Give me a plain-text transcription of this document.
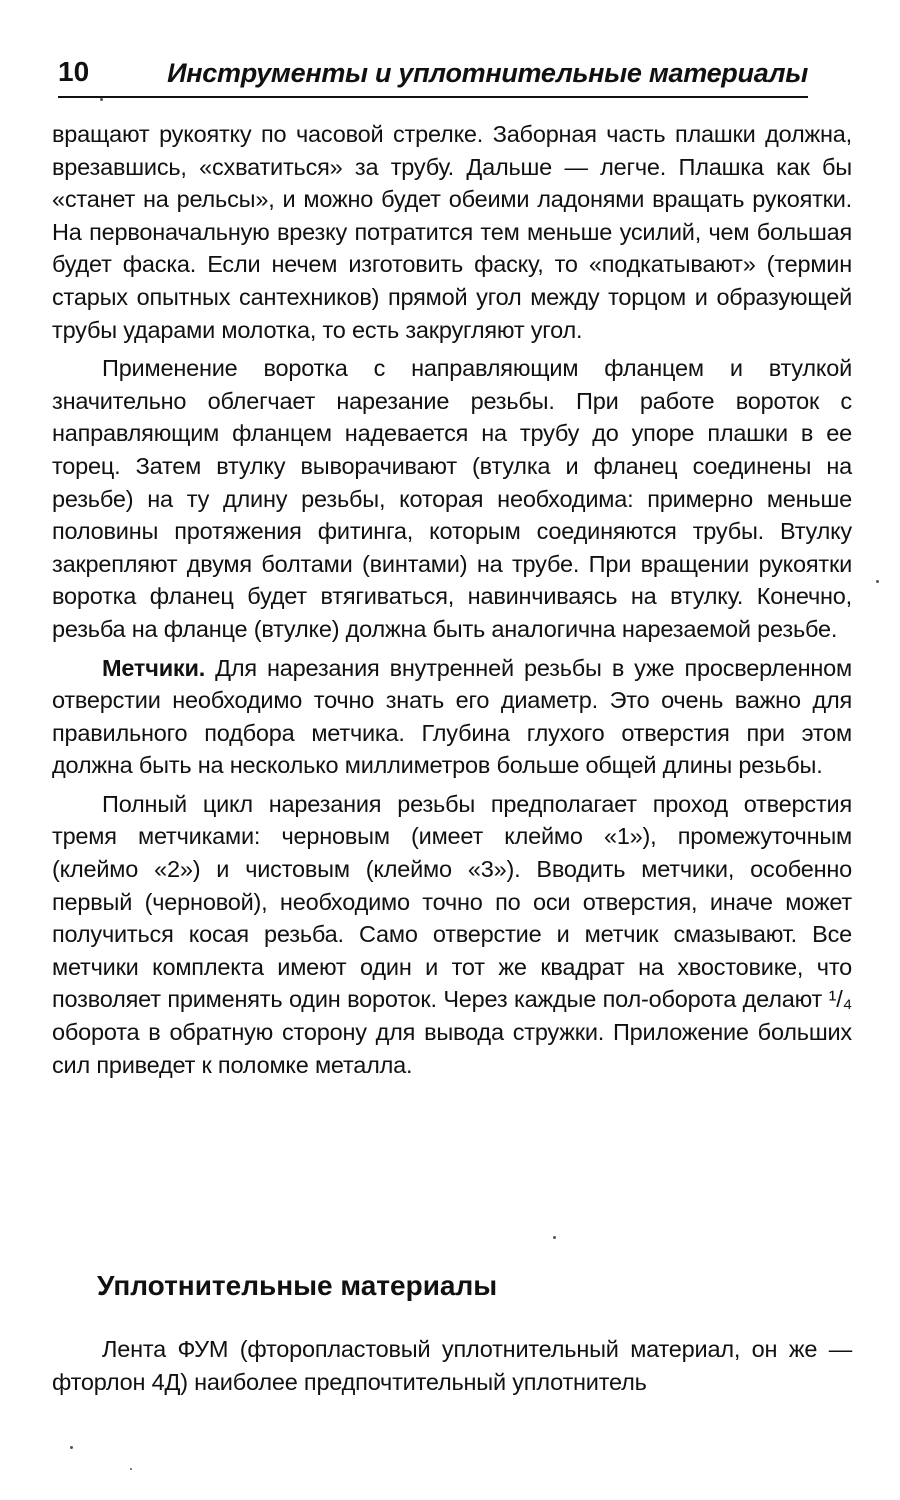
10	Инструменты и уплотнительные материалы

вращают рукоятку по часовой стрелке. Заборная часть плашки должна, врезавшись, «схватиться» за трубу. Дальше — легче. Плашка как бы «станет на рельсы», и можно будет обеими ладонями вращать рукоятки. На первоначальную врезку потратится тем меньше усилий, чем большая будет фаска. Если нечем изготовить фаску, то «подкатывают» (термин старых опытных сантехников) прямой угол между торцом и образующей трубы ударами молотка, то есть закругляют угол.

Применение воротка с направляющим фланцем и втулкой значительно облегчает нарезание резьбы. При работе вороток с направляющим фланцем надевается на трубу до упоре плашки в ее торец. Затем втулку выворачивают (втулка и фланец соединены на резьбе) на ту длину резьбы, которая необходима: примерно меньше половины протяжения фитинга, которым соединяются трубы. Втулку закрепляют двумя болтами (винтами) на трубе. При вращении рукоятки воротка фланец будет втягиваться, навинчиваясь на втулку. Конечно, резьба на фланце (втулке) должна быть аналогична нарезаемой резьбе.

Метчики. Для нарезания внутренней резьбы в уже просверленном отверстии необходимо точно знать его диаметр. Это очень важно для правильного подбора метчика. Глубина глухого отверстия при этом должна быть на несколько миллиметров больше общей длины резьбы.

Полный цикл нарезания резьбы предполагает проход отверстия тремя метчиками: черновым (имеет клеймо «1»), промежуточным (клеймо «2») и чистовым (клеймо «3»). Вводить метчики, особенно первый (черновой), необходимо точно по оси отверстия, иначе может получиться косая резьба. Само отверстие и метчик смазывают. Все метчики комплекта имеют один и тот же квадрат на хвостовике, что позволяет применять один вороток. Через каждые пол-оборота делают ¹/₄ оборота в обратную сторону для вывода стружки. Приложение больших сил приведет к поломке металла.

Уплотнительные материалы

Лента ФУМ (фторопластовый уплотнительный материал, он же — фторлон 4Д) наиболее предпочтительный уплотнитель
